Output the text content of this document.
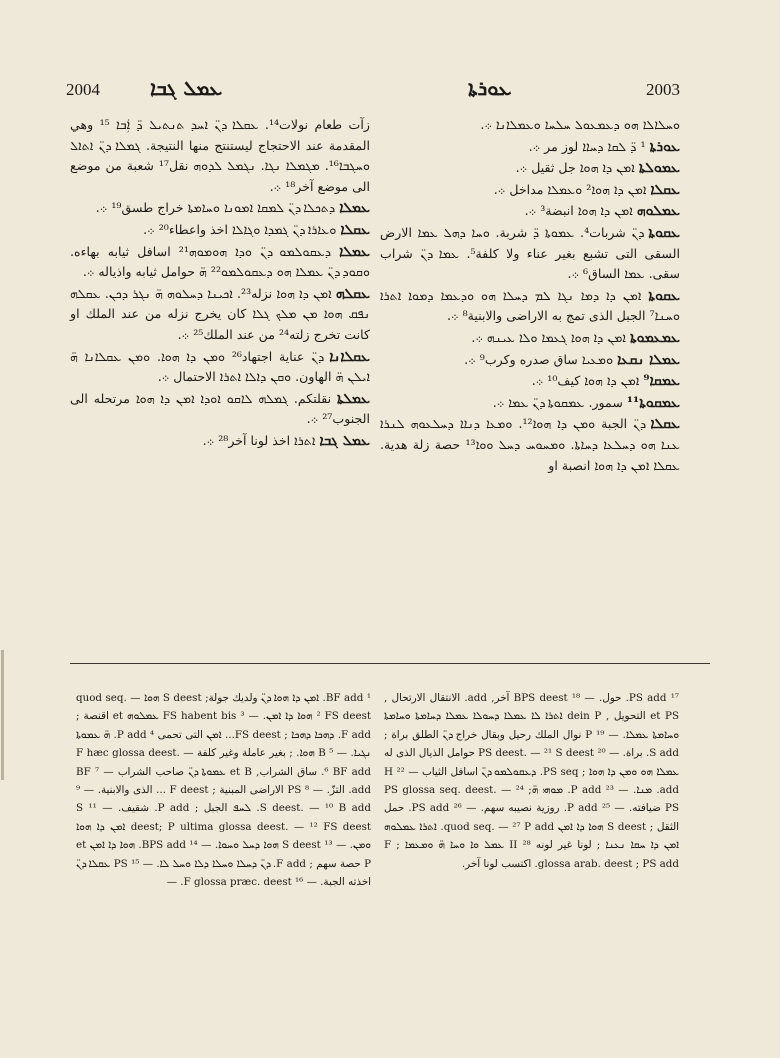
2004	ܥܡܠ ܓܒܐ	ܥܘܪܬܐ	2003

زآت طعام نولات¹⁴. ܥܩܠܐ ܕܢ̈ ܐܚܕ ܬܢܬܝܠ ܕ̈ ܐܲܒܐ ¹⁵ وهي المقدمة عند الاحتجاج ليستنتج منها النتيجة. ܓܡܠܐ ܕܢ̈ ܐܬܐܠ ܘܚܓܒܐ¹⁶. ܡܓܡܠܐ ܢܓܐ. ܢܓܡܠ ܠܕܘܗ نقل¹⁷ شعبة من موضع الى موضع آخر¹⁸ ܀.

ܥܡܠܐ ܕܬܟܠܐ ܕܢ̈ ܠܡܩܐ ܐܡܘܢܐ ܘܚܐܡܬܐ خراج طسق¹⁹ ܀.

ܥܩܠܐ ܘܥܐܪܐ ܕܢ̈ ܓܡܕܐ ܘܓܐܠܐ اخذ واعطاء²⁰ ܀.

ܥܡܠܐ ܕܥܩܘܠܡܘ ܕܢ̈ ܘܕܐ ܗܘܡܘܗ²¹ اسافل ثيابه بهاءه. ܘܩܘܕ ܕܢ̈ ܥܡܠܐ ܗܘ ܕܥܩܘܠܡܘ²² ܗ̈ حوامل ثيابه واذياله ܀.

ܥܩܠܗ ܐܡܢ ܕܐ ܗܘܐ نزله²³. ܐܟܝܢܐ ܕܚܠܘܗ ܗ̈ ܢܓܪ ܕܟܢ. ܥܩܠܗ ܢܦܩ ܗܘܐ ܡܢ ܡܠܟ ܓܠܐ كان يخرج نزله من عند الملك او كانت تخرج زلته²⁴ من عند الملك²⁵ ܀.

ܥܩܠܐܢܐ ܕܢ̈ عناية اجتهاد²⁶ ܘܡܢ ܕܐ ܗܘܐ. ܘܡܢ ܥܩܠܐܢܐ ܗ̈ ܐܝܠܢ ܗ̈ الهاون. ܘܩܢ ܕܐܠܐ ܐܬܪܐ الاحتمال ܀.

ܥܡܠܬܐ نقلتكم. ܓܡܠܗ ܠܐܩܘ ܐܘܕܐ ܐܡܢ ܕܐ ܗܘܐ مرتحله الى الجنوب²⁷ ܀.

ܥܡܠ ܓܒܐ ܐܬܪܐ اخذ لونا آخر²⁸ ܀.

ܘܚܠܐܠܐ ܗܘ ܕܥܡܥܘܠ ܚܠܚܐ ܘܥܡܠܐܢܐ ܀.

ܥܘܪܬܐ ¹ ܕ̈ ܠܩܐ ܕܚܐܐ لوز مر ܀.

ܥܡܘܠܬܐ ܐܡܢ ܕܐ ܗܘܐ جل ثقيل ܀.

ܥܩܠܐ ܐܡܢ ܕܐ ܗܘܐ² ܘܥܡܠܐ مداخل ܀.

ܥܡܠܘܗ ܐܡܢ ܕܐ ܗܘܐ انبضة³ ܀.

ܥܩܘܬܐ ܕܢ̈ شربات⁴. ܥܡܘܬܐ ܕ̈ شربة. ܘܚܐ ܕܗܠ ܥܡܐ الارض السقى التى تشبع بغير عناء ولا كلفة⁵. ܥܡܐ ܕܢ̈ شراب سقى. ܥܡܐ الساق⁶ ܀.

ܥܩܘܬܐ ܐܡܢ ܕܐ ܕܡܐ ܢܓܐ ܠܡ ܕܚܠܐ ܗܘ ܘܕܥܡܐ ܕܡܘܐ ܐܬܪܐ ܘܚܢܐ⁷ الجبل الذى تمج به الاراضى والابنية⁸ ܀.

ܥܡܥܡܘܬܐ ܐܡܢ ܕܐ ܗܘܐ ܓܥܡܐ ܘܠܐ ܥܝܢܗ ܀.

ܥܡܠܐ ܢܩܥܐ ܘܡܥܝܐ ساق صدره وكرب⁹ ܀.

ܥܡܩܐ⁹ ܐܡܢ ܕܐ ܗܘܐ كيف¹⁰ ܀.

ܥܡܩܘܬܐ¹¹ سمور. ܥܡܩܘܬܐ ܕܢ̈ ܥܡܐ ܀.

ܥܩܠܐ ܕܢ̈ الجبة ܘܡܢ ܕܐ ܗܘܐ¹². ܘܡܥܐ ܕܢܐܐ ܕܚܠܥܘܗ ܠܢܪܐ ܥܢܐ ܗܘ ܕܚܠܥܐ ܕܚܐܬܐ. ܘܡܚܘܚ ܕܚܠ ܘܘܐ¹³ حصة زلة هدية. ܥܩܠܐ ܐܡܢ ܕܐ ܗܘܐ انصبة او

¹ BF add. ܐܡܢ ܕܐ ܗܘܐ ܕܢ̈ ولديك جولة; S deest ܗܘܐ quod seq. — ² FS deest ܗܘܐ ܕܐ ܐܡܢ. — ³ FS habent bis ܥܡܠܘܗ et اقنصة ; F add. ܕܗܟܐ ܕܗܟܐ ; FS deest... ܐܡܢ التى تحمى ⁴ P add. ܗ̈ ܥܡܘܬܐ ܢܓܝܐ. — ⁵ B ܗܘܐ. ; بغير عاملة وغير كلفة F hæc glossa deest. — ⁶ BF add. ساق الشراب, et B ܥܡܘܬܐ ܕܢ̈ صاحب الشراب — ⁷ BF add. التزّ. — ⁸ PS الاراضى المبنية ; F deest ... الذى والابنية. — ⁹ S deest. — ¹⁰ B add. ܠܚܦ الجبل ; P add. شقيف. — ¹¹ S deest; P ultima glossa deest. — ¹² FS deest ܐܡܢ ܕܐ ܗܘܐ ܘܡܢ. — ¹³ S deest ܗܘܐ ܕܚܠ ܘܚܘܐ. — ¹⁴ BPS add. ܗܘܐ ܕܐ ܐܡܢ et P حصة سهم ; F add. ܕܢ̈ ܕܚܠܐ ܘܚܠܐ ܕܠܐ ܘܚܠ ܠܐ. — ¹⁵ PS ܥܩܠܐ ܕܢ̈ اخذته الجبة. — ¹⁶ F glossa præc. deest. —

¹⁷ PS add. حول. — ¹⁸ BPS deest آخر, add. الانتقال الارتحال , et PS التحويل , dein P ܐܬܪܐ ܠܐ ܥܡܠܐ ܕܚܘܠܐ ܥܡܠܐ ܕܚܐܡܬܐ ܘܚܐܡܬܐ ܘܚܐܡܬܐ ܥܡܠܐ. — ¹⁹ P نوال الملك رحيل وبقال خراج ܕܢ̈ الطلق براة ; S add. براة. — ²⁰ PS deest. — ²¹ S deest حوامل الذيال الذى له ܥܡܠܐ ܗܘ ܘܡܢ ܕܐ ܗܘܐ ; PS seq. ܕܥܩܘܠܡܘ ܕܢ̈ اسافل الثياب — ²² H add. ܡܢܐ. — ²³ P add. ܡܘܗܝ ܗ̈; PS glossa seq. deest. — ²⁴ PS ضيافته. — ²⁵ P add. روزية نصيبه سهم. — ²⁶ PS add. حمل الثقل ; S deest ܗܘܐ ܕܐ ܐܡܢ quod seq. — ²⁷ P add. ܐܬܪܐ ܥܡܠܘܗ ܐܡܢ ܕܐ ܚܩܐ ܢܥܢܐ ; لونا غير لونه II ²⁸ ܥܡܠ ܘܐ ܘܚܐ ܗ̈ ܘܡܥܡܐ ; F glossa arab. deest ; PS add. اكتسب لونا آخر.
